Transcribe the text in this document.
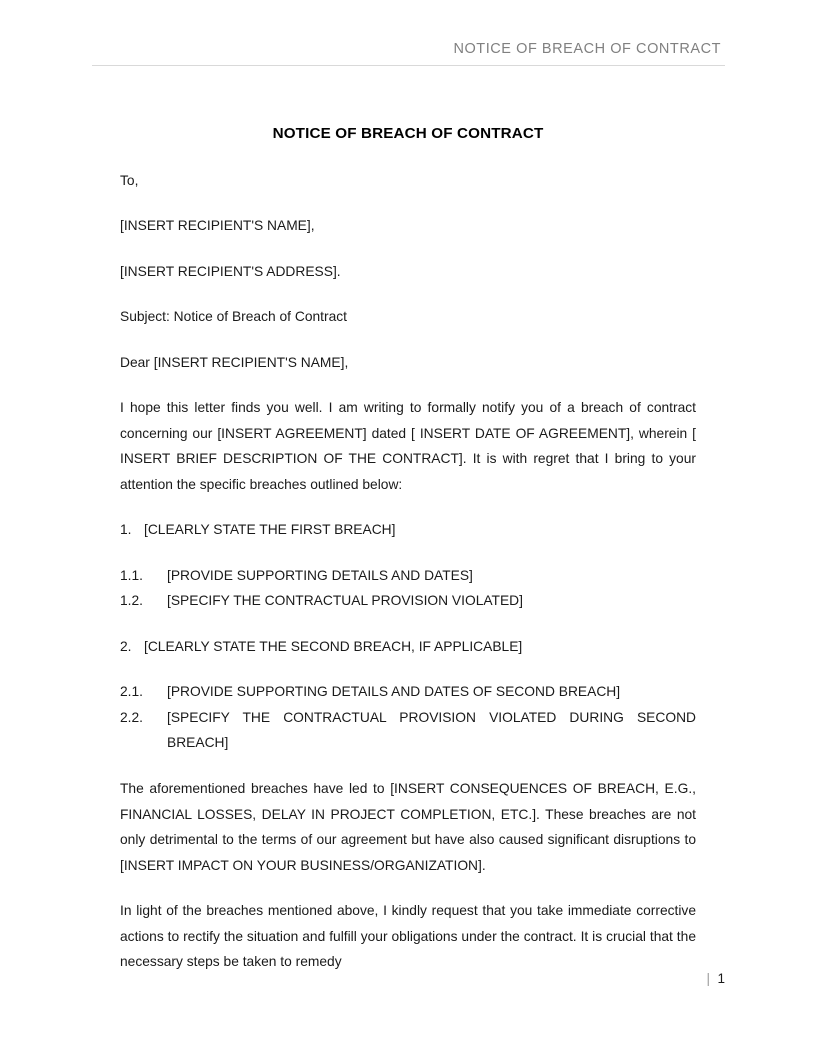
NOTICE OF BREACH OF CONTRACT
NOTICE OF BREACH OF CONTRACT

To,

[INSERT RECIPIENT'S NAME],

[INSERT RECIPIENT'S ADDRESS].

Subject: Notice of Breach of Contract

Dear [INSERT RECIPIENT'S NAME],

I hope this letter finds you well. I am writing to formally notify you of a breach of contract concerning our [INSERT AGREEMENT] dated [ INSERT DATE OF AGREEMENT], wherein [ INSERT BRIEF DESCRIPTION OF THE CONTRACT]. It is with regret that I bring to your attention the specific breaches outlined below:

1. [CLEARLY STATE THE FIRST BREACH]
1.1.	[PROVIDE SUPPORTING DETAILS AND DATES]
1.2.	[SPECIFY THE CONTRACTUAL PROVISION VIOLATED]
2. [CLEARLY STATE THE SECOND BREACH, IF APPLICABLE]
2.1.	[PROVIDE SUPPORTING DETAILS AND DATES OF SECOND BREACH]
2.2.	[SPECIFY THE CONTRACTUAL PROVISION VIOLATED DURING SECOND BREACH]

The aforementioned breaches have led to [INSERT CONSEQUENCES OF BREACH, E.G., FINANCIAL LOSSES, DELAY IN PROJECT COMPLETION, ETC.]. These breaches are not only detrimental to the terms of our agreement but have also caused significant disruptions to [INSERT IMPACT ON YOUR BUSINESS/ORGANIZATION].

In light of the breaches mentioned above, I kindly request that you take immediate corrective actions to rectify the situation and fulfill your obligations under the contract. It is crucial that the necessary steps be taken to remedy

| 1
